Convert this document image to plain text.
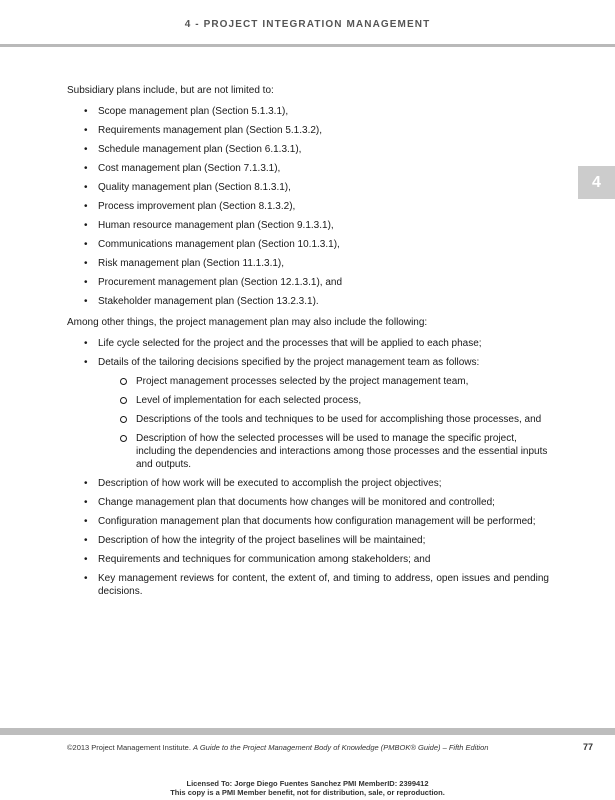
4 - PROJECT INTEGRATION MANAGEMENT
4

Subsidiary plans include, but are not limited to:

• Scope management plan (Section 5.1.3.1),
• Requirements management plan (Section 5.1.3.2),
• Schedule management plan (Section 6.1.3.1),
• Cost management plan (Section 7.1.3.1),
• Quality management plan (Section 8.1.3.1),
• Process improvement plan (Section 8.1.3.2),
• Human resource management plan (Section 9.1.3.1),
• Communications management plan (Section 10.1.3.1),
• Risk management plan (Section 11.1.3.1),
• Procurement management plan (Section 12.1.3.1), and
• Stakeholder management plan (Section 13.2.3.1).

Among other things, the project management plan may also include the following:

• Life cycle selected for the project and the processes that will be applied to each phase;
• Details of the tailoring decisions specified by the project management team as follows:
Project management processes selected by the project management team,
Level of implementation for each selected process,
Descriptions of the tools and techniques to be used for accomplishing those processes, and
Description of how the selected processes will be used to manage the specific project, including the dependencies and interactions among those processes and the essential inputs and outputs.
• Description of how work will be executed to accomplish the project objectives;
• Change management plan that documents how changes will be monitored and controlled;
• Configuration management plan that documents how configuration management will be performed;
• Description of how the integrity of the project baselines will be maintained;
• Requirements and techniques for communication among stakeholders; and
• Key management reviews for content, the extent of, and timing to address, open issues and pending decisions.
©2013 Project Management Institute. A Guide to the Project Management Body of Knowledge (PMBOK® Guide) – Fifth Edition	77
Licensed To: Jorge Diego Fuentes Sanchez PMI MemberID: 2399412
This copy is a PMI Member benefit, not for distribution, sale, or reproduction.
